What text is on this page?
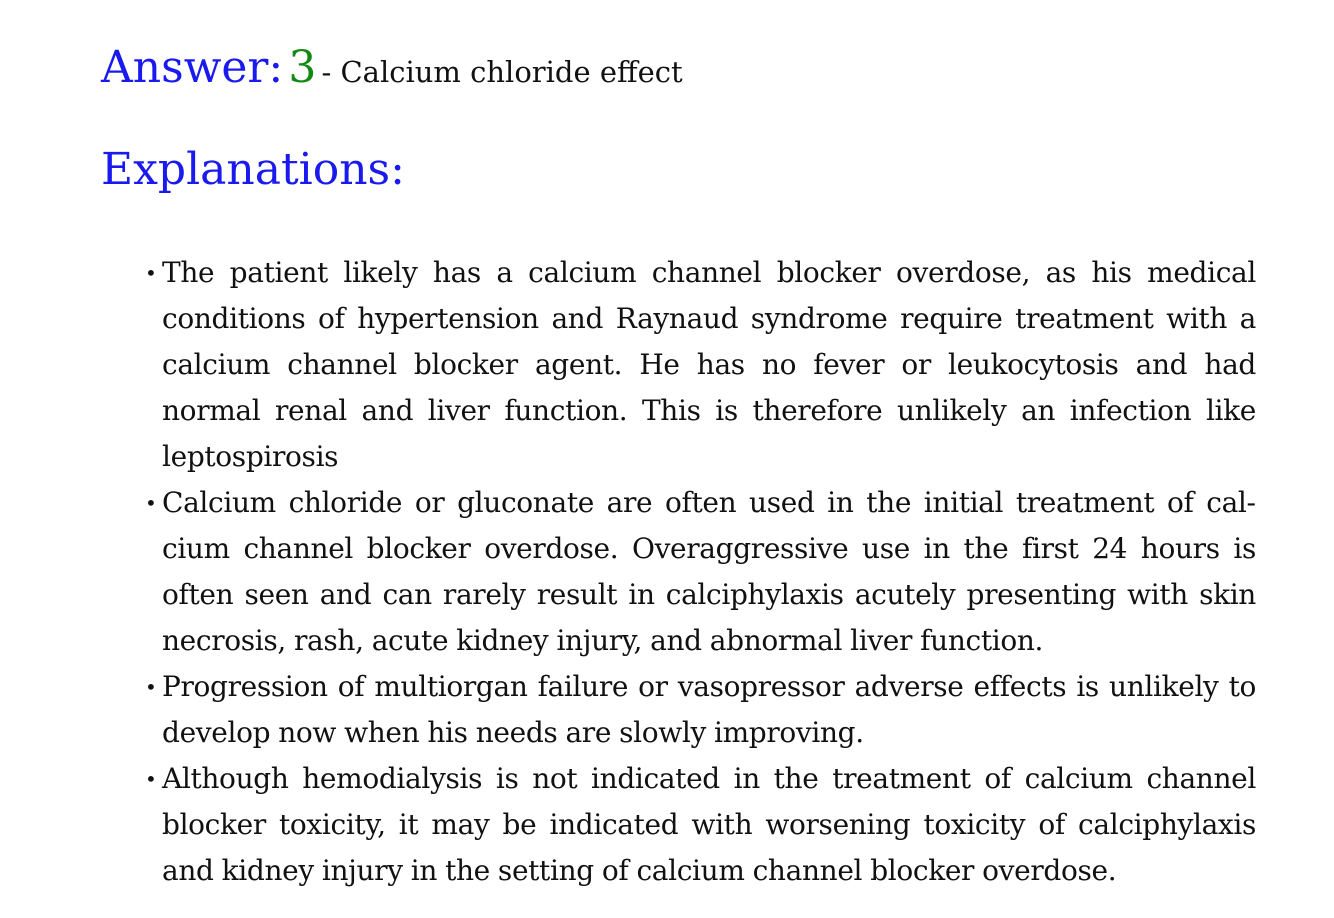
Answer: 3 - Calcium chloride effect
Explanations:
• The patient likely has a calcium channel blocker overdose, as his medical conditions of hypertension and Raynaud syndrome require treatment with a calcium channel blocker agent. He has no fever or leukocytosis and had normal renal and liver function. This is therefore unlikely an infection like leptospirosis
• Calcium chloride or gluconate are often used in the initial treatment of calcium channel blocker overdose. Overaggressive use in the first 24 hours is often seen and can rarely result in calciphylaxis acutely presenting with skin necrosis, rash, acute kidney injury, and abnormal liver function.
• Progression of multiorgan failure or vasopressor adverse effects is unlikely to develop now when his needs are slowly improving.
• Although hemodialysis is not indicated in the treatment of calcium channel blocker toxicity, it may be indicated with worsening toxicity of calciphylaxis and kidney injury in the setting of calcium channel blocker overdose.
